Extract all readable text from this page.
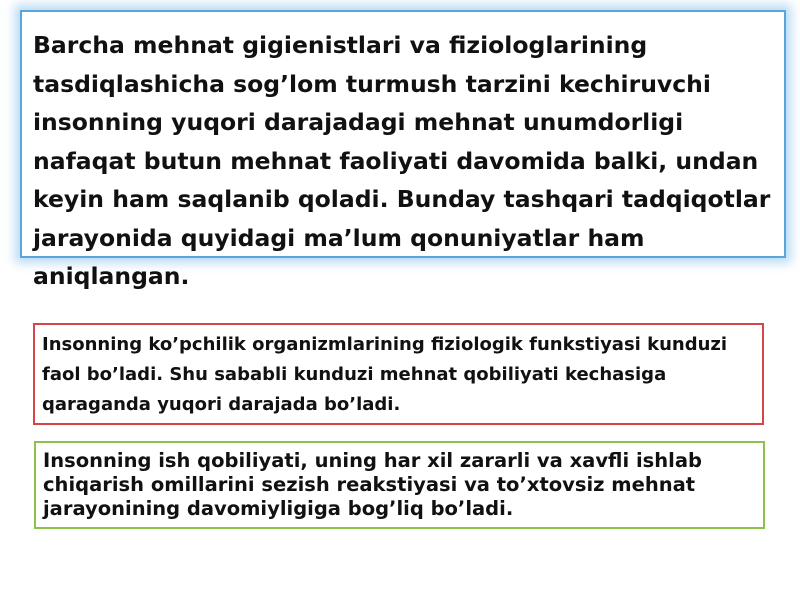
Barcha mehnat gigienistlari va fiziologlarining tasdiqlashicha sog’lom turmush tarzini kechiruvchi insonning yuqori darajadagi mehnat unumdorligi nafaqat butun mehnat faoliyati davomida balki, undan keyin ham saqlanib qoladi. Bunday tashqari tadqiqotlar jarayonida quyidagi ma’lum qonuniyatlar ham aniqlangan.

Insonning ko’pchilik organizmlarining fiziologik funkstiyasi kunduzi faol bo’ladi. Shu sababli kunduzi mehnat qobiliyati kechasiga qaraganda yuqori darajada bo’ladi.

Insonning ish qobiliyati, uning har xil zararli va xavfli ishlab chiqarish omillarini sezish reakstiyasi va to’xtovsiz mehnat jarayonining davomiyligiga bog’liq bo’ladi.
